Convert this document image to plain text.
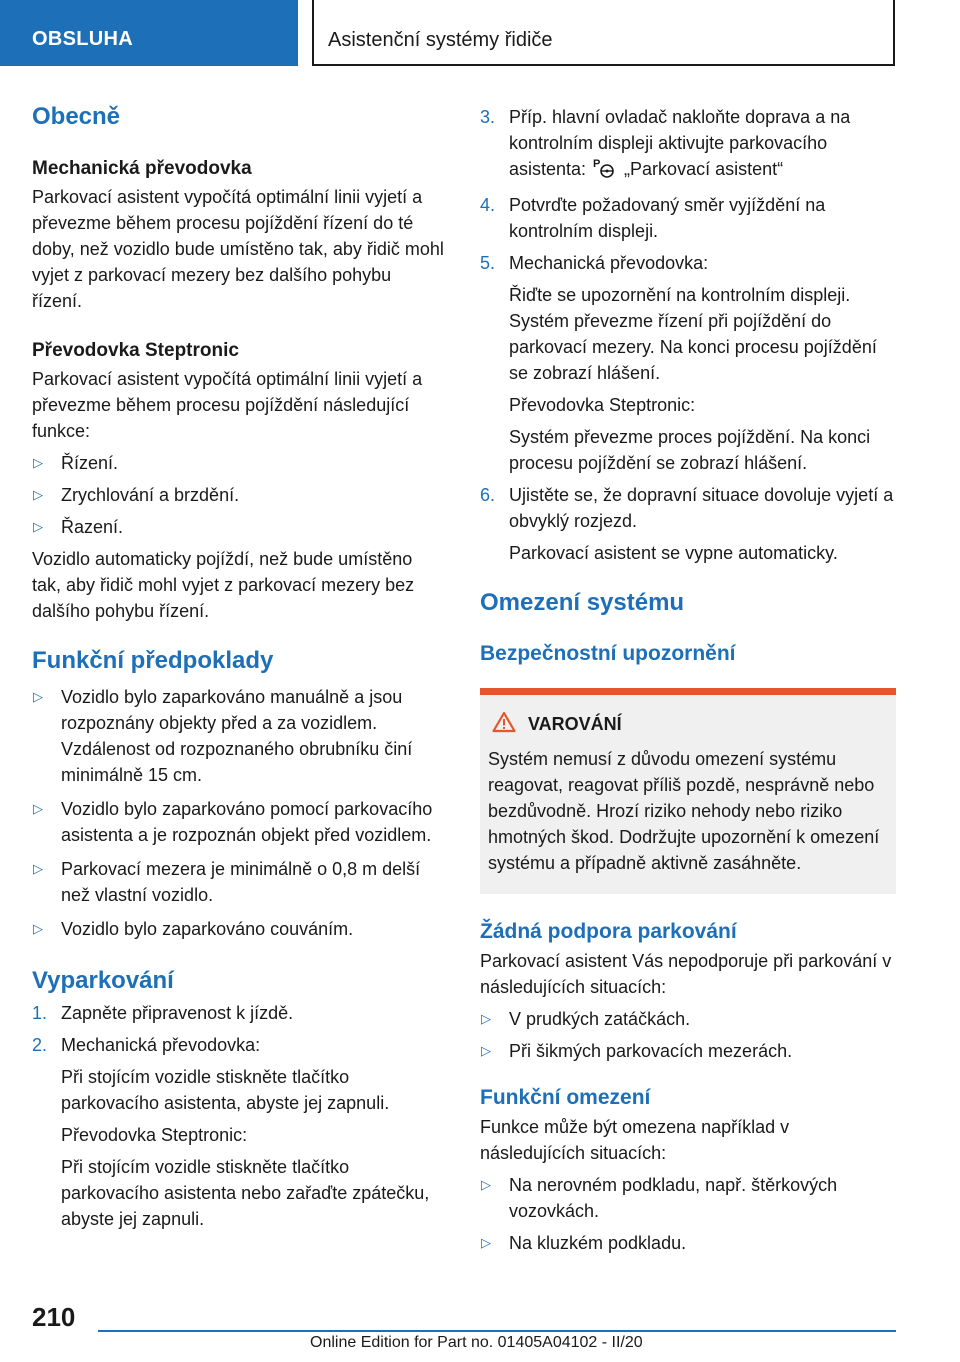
OBSLUHA	Asistenční systémy řidiče
Obecně
Mechanická převodovka
Parkovací asistent vypočítá optimální linii vyjetí a převezme během procesu pojíždění řízení do té doby, než vozidlo bude umístěno tak, aby řidič mohl vyjet z parkovací mezery bez dalšího pohybu řízení.
Převodovka Steptronic
Parkovací asistent vypočítá optimální linii vyjetí a převezme během procesu pojíždění následující funkce:
▷ Řízení.
▷ Zrychlování a brzdění.
▷ Řazení.
Vozidlo automaticky pojíždí, než bude umístěno tak, aby řidič mohl vyjet z parkovací mezery bez dalšího pohybu řízení.
Funkční předpoklady
▷ Vozidlo bylo zaparkováno manuálně a jsou rozpoznány objekty před a za vozidlem. Vzdálenost od rozpoznaného obrubníku činí minimálně 15 cm.
▷ Vozidlo bylo zaparkováno pomocí parkovacího asistenta a je rozpoznán objekt před vozidlem.
▷ Parkovací mezera je minimálně o 0,8 m delší než vlastní vozidlo.
▷ Vozidlo bylo zaparkováno couváním.
Vyparkování
1. Zapněte připravenost k jízdě.
2. Mechanická převodovka:
Při stojícím vozidle stiskněte tlačítko parkovacího asistenta, abyste jej zapnuli.
Převodovka Steptronic:
Při stojícím vozidle stiskněte tlačítko parkovacího asistenta nebo zařaďte zpátečku, abyste jej zapnuli.
3. Příp. hlavní ovladač nakloňte doprava a na kontrolním displeji aktivujte parkovacího asistenta: P „Parkovací asistent“
4. Potvrďte požadovaný směr vyjíždění na kontrolním displeji.
5. Mechanická převodovka:
Řiďte se upozornění na kontrolním displeji. Systém převezme řízení při pojíždění do parkovací mezery. Na konci procesu pojíždění se zobrazí hlášení.
Převodovka Steptronic:
Systém převezme proces pojíždění. Na konci procesu pojíždění se zobrazí hlášení.
6. Ujistěte se, že dopravní situace dovoluje vyjetí a obvyklý rozjezd.
Parkovací asistent se vypne automaticky.
Omezení systému
Bezpečnostní upozornění
VAROVÁNÍ
Systém nemusí z důvodu omezení systému reagovat, reagovat příliš pozdě, nesprávně nebo bezdůvodně. Hrozí riziko nehody nebo riziko hmotných škod. Dodržujte upozornění k omezení systému a případně aktivně zasáhněte.
Žádná podpora parkování
Parkovací asistent Vás nepodporuje při parkování v následujících situacích:
▷ V prudkých zatáčkách.
▷ Při šikmých parkovacích mezerách.
Funkční omezení
Funkce může být omezena například v následujících situacích:
▷ Na nerovném podkladu, např. štěrkových vozovkách.
▷ Na kluzkém podkladu.
210
Online Edition for Part no. 01405A04102 - II/20
